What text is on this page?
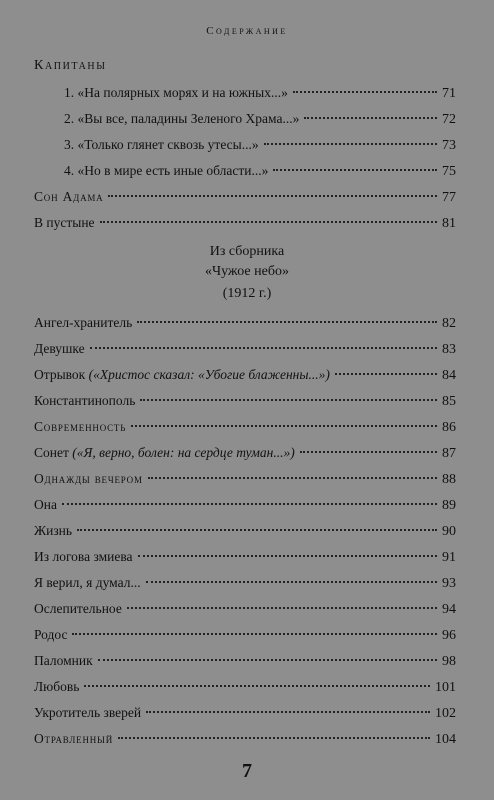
Содержание
Капитаны
1. «На полярных морях и на южных...»	71
2. «Вы все, паладины Зеленого Храма...»	72
3. «Только глянет сквозь утесы...»	73
4. «Но в мире есть иные области...»	75
Сон Адама	77
В пустыне	81
Из сборника
«Чужое небо»
(1912 г.)
Ангел-хранитель	82
Девушке	83
Отрывок («Христос сказал: «Убогие блаженны...»)	84
Константинополь	85
Современность	86
Сонет («Я, верно, болен: на сердце туман...»)	87
Однажды вечером	88
Она	89
Жизнь	90
Из логова змиева	91
Я верил, я думал...	93
Ослепительное	94
Родос	96
Паломник	98
Любовь	101
Укротитель зверей	102
Отравленный	104
7
